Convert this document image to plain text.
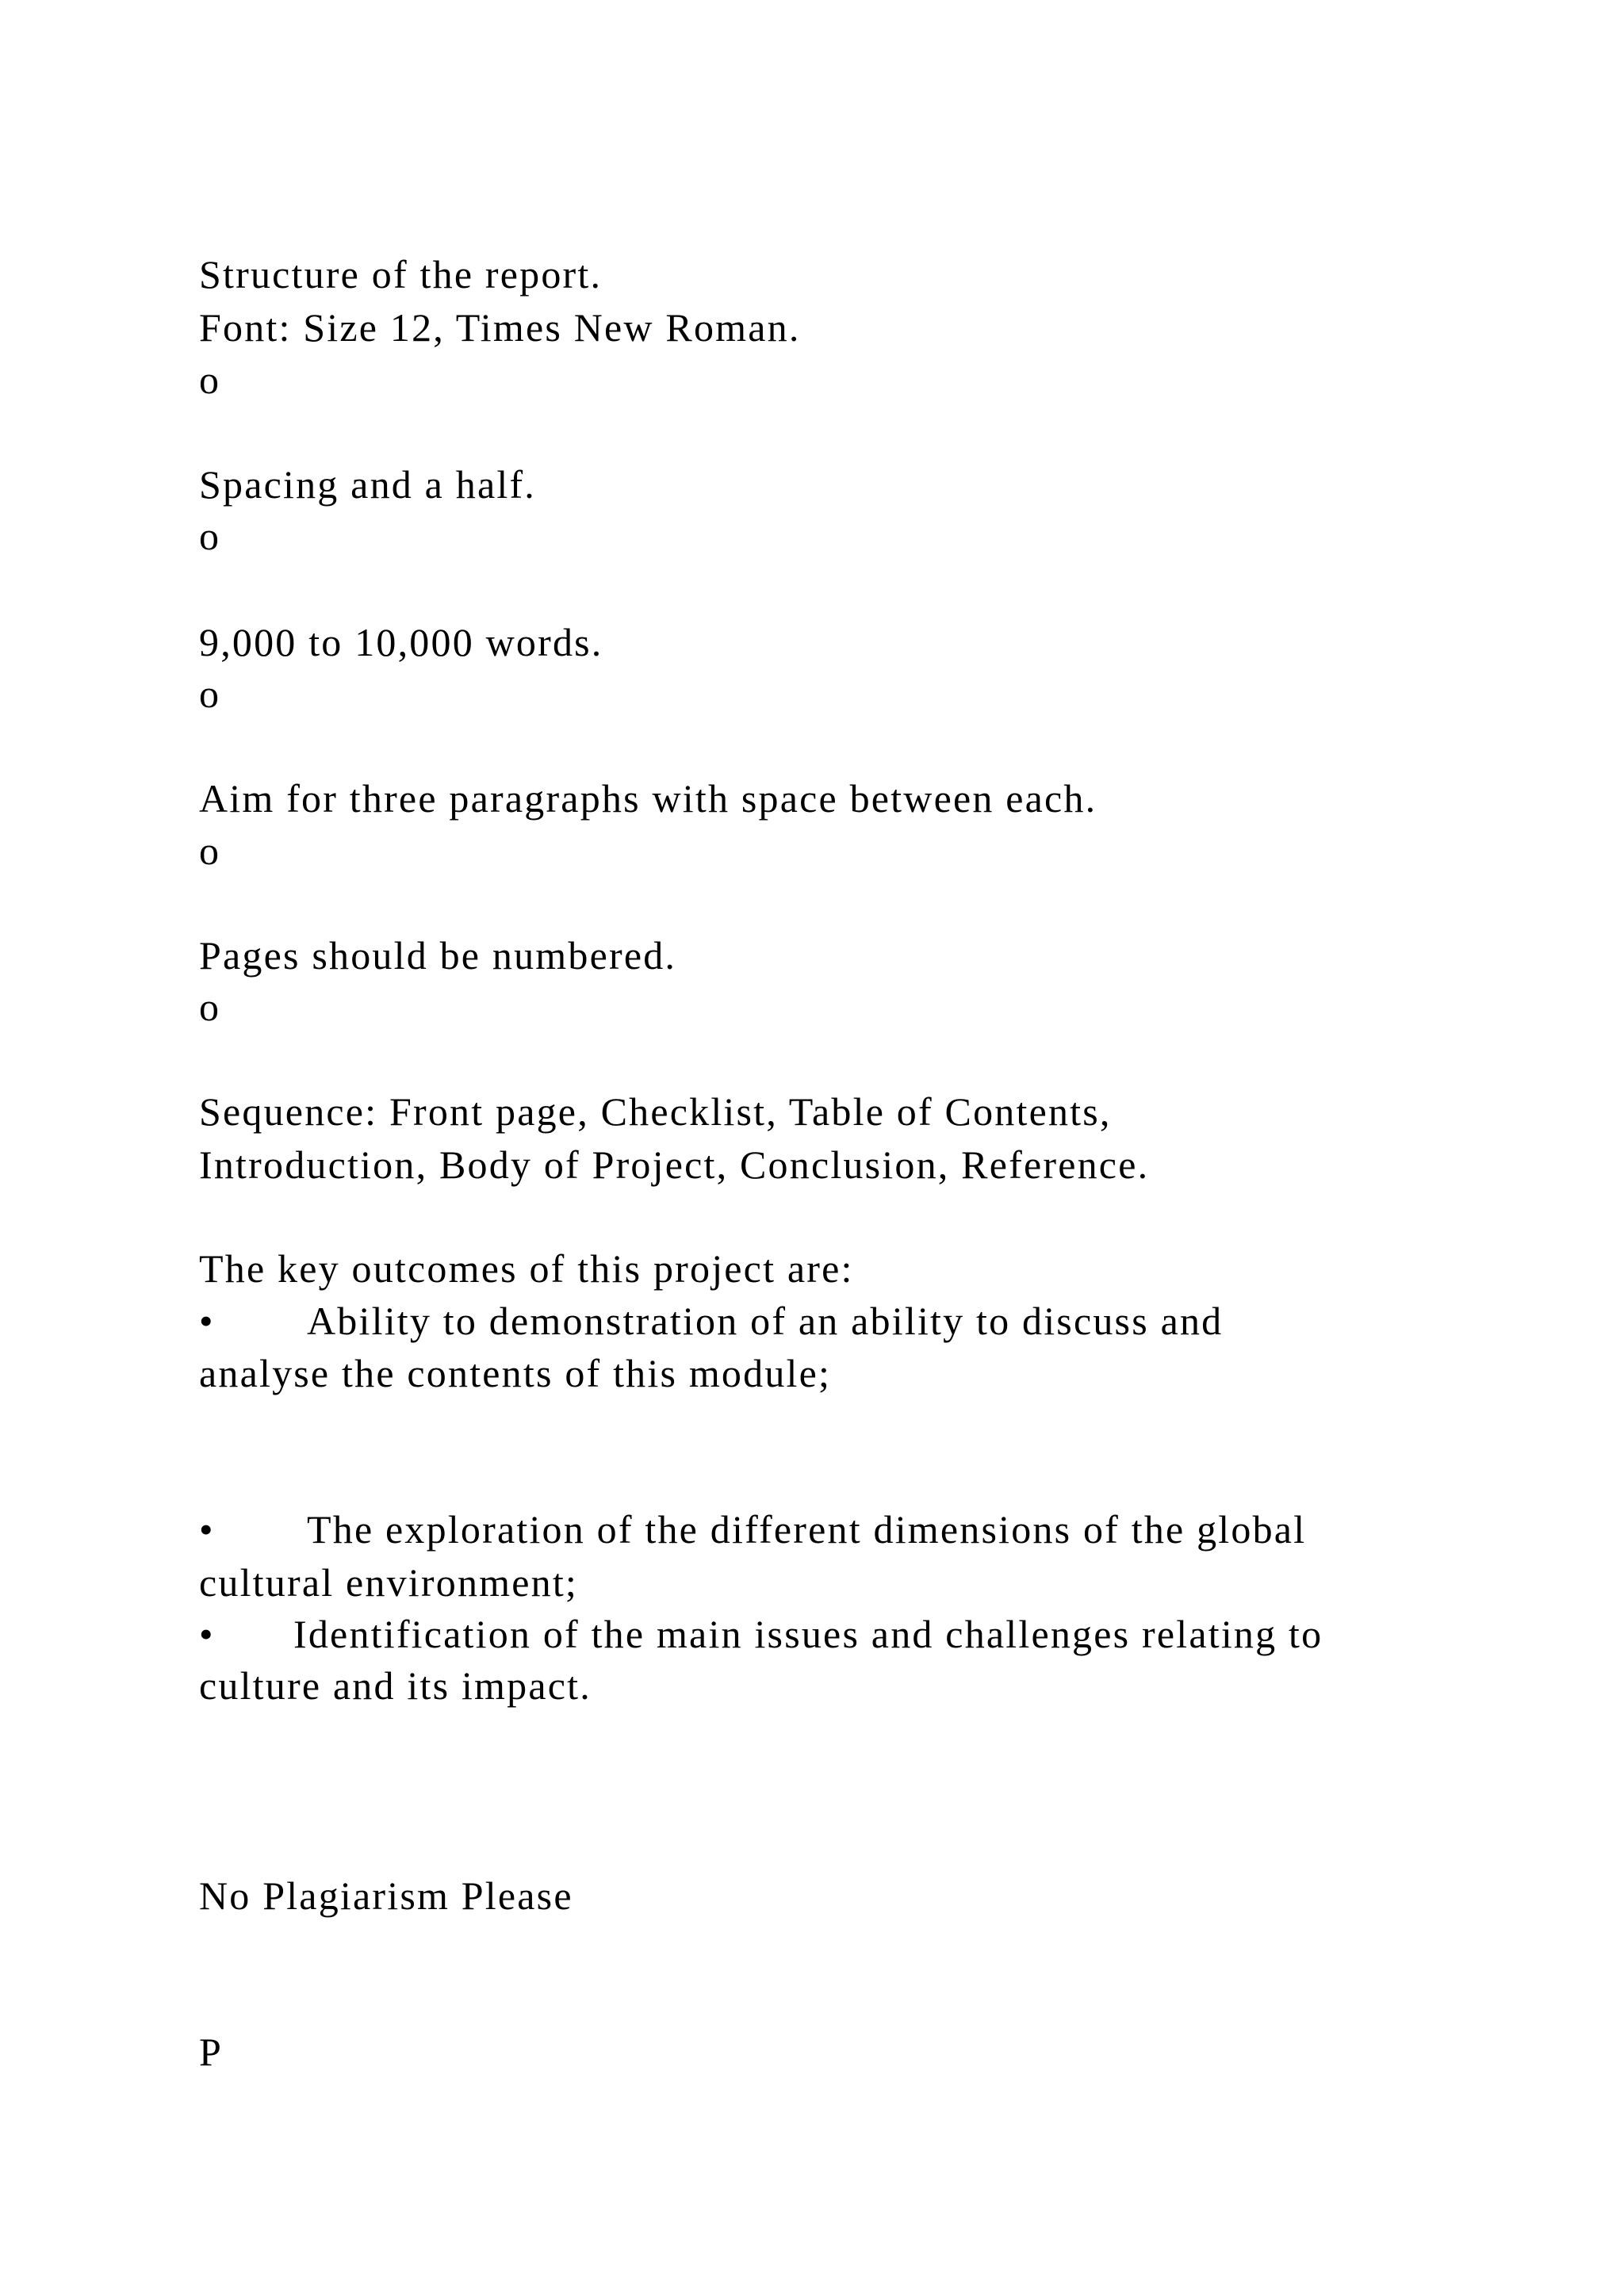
Structure of the report.
Font: Size 12, Times New Roman.
o
Spacing and a half.
o
9,000 to 10,000 words.
o
Aim for three paragraphs with space between each.
o
Pages should be numbered.
o
Sequence: Front page, Checklist, Table of Contents,
Introduction, Body of Project, Conclusion, Reference.
The key outcomes of this project are:
• Ability to demonstration of an ability to discuss and
analyse the contents of this module;
• The exploration of the different dimensions of the global
cultural environment;
• Identification of the main issues and challenges relating to
culture and its impact.
No Plagiarism Please
P
